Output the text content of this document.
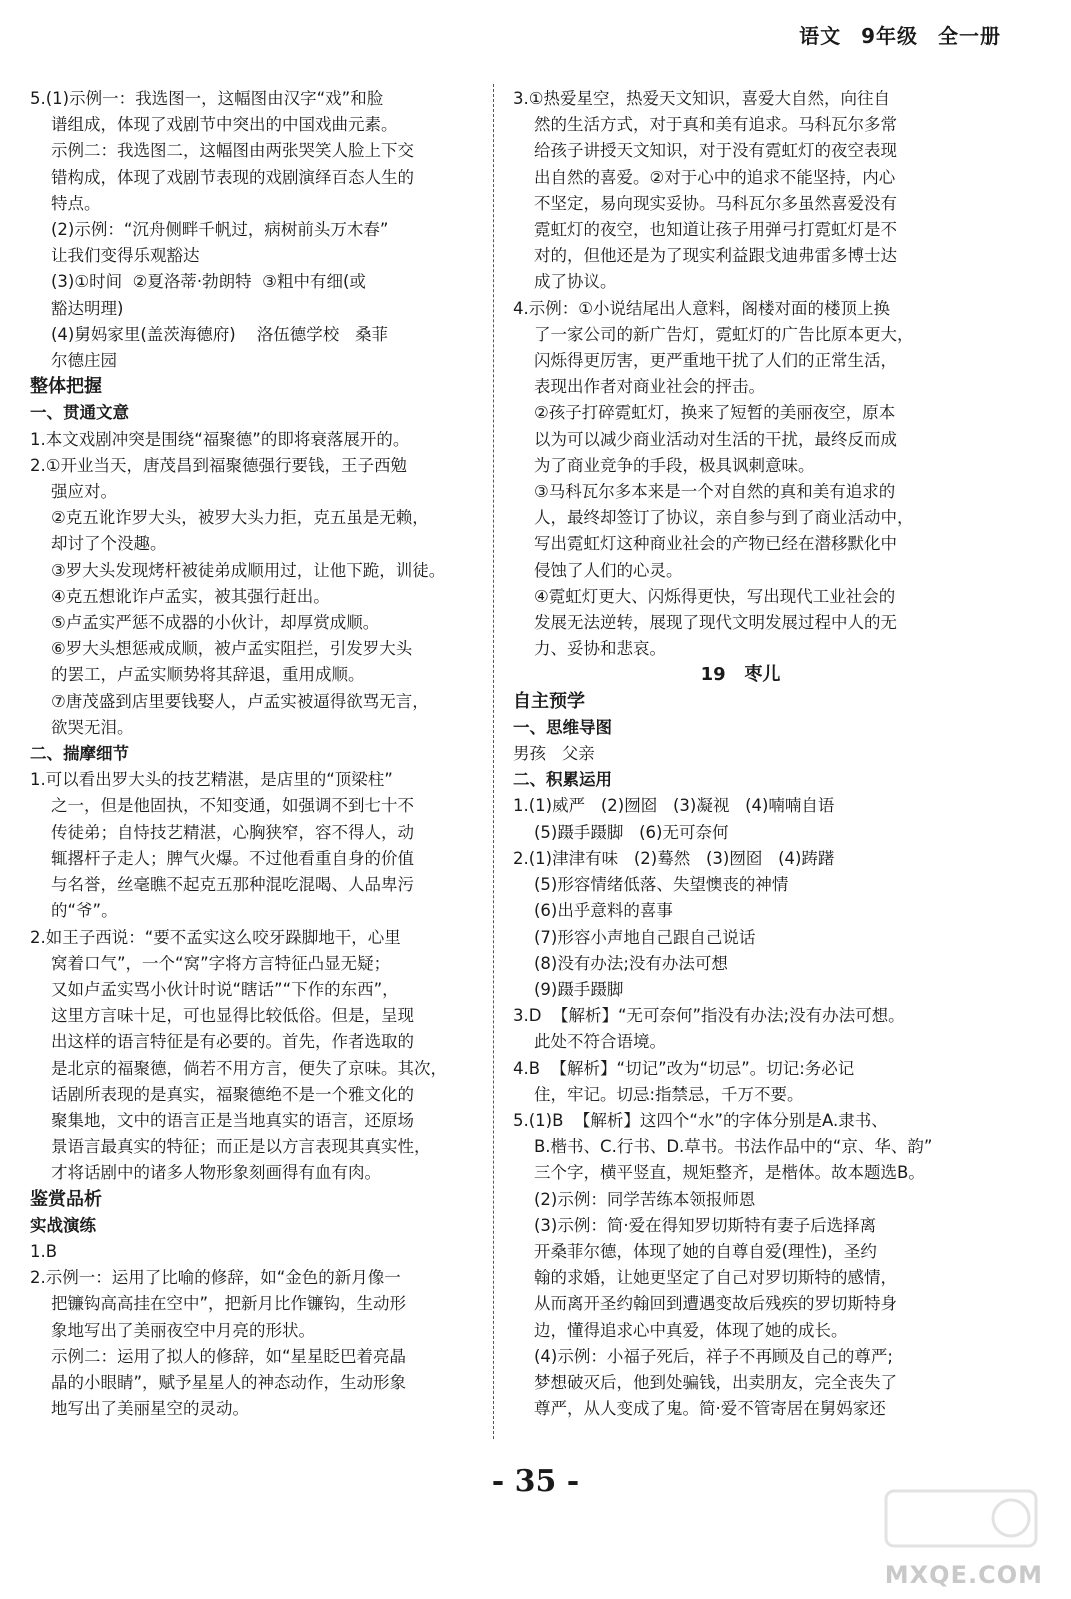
语文 9年级 全一册
5.(1)示例一：我选图一，这幅图由汉字“戏”和脸
谱组成，体现了戏剧节中突出的中国戏曲元素。
示例二：我选图二，这幅图由两张哭笑人脸上下交
错构成，体现了戏剧节表现的戏剧演绎百态人生的
特点。
(2)示例：“沉舟侧畔千帆过，病树前头万木春”
让我们变得乐观豁达
(3)①时间  ②夏洛蒂·勃朗特  ③粗中有细(或
豁达明理)
(4)舅妈家里(盖茨海德府)    洛伍德学校   桑菲
尔德庄园
整体把握
一、贯通文意
1.本文戏剧冲突是围绕“福聚德”的即将衰落展开的。
2.①开业当天，唐茂昌到福聚德强行要钱，王子西勉
强应对。
②克五讹诈罗大头，被罗大头力拒，克五虽是无赖，
却讨了个没趣。
③罗大头发现烤杆被徒弟成顺用过，让他下跪，训徒。
④克五想讹诈卢孟实，被其强行赶出。
⑤卢孟实严惩不成器的小伙计，却厚赏成顺。
⑥罗大头想惩戒成顺，被卢孟实阻拦，引发罗大头
的罢工，卢孟实顺势将其辞退，重用成顺。
⑦唐茂盛到店里要钱娶人，卢孟实被逼得欲骂无言，
欲哭无泪。
二、揣摩细节
1.可以看出罗大头的技艺精湛，是店里的“顶梁柱”
之一，但是他固执，不知变通，如强调不到七十不
传徒弟；自恃技艺精湛，心胸狭窄，容不得人，动
辄撂杆子走人；脾气火爆。不过他看重自身的价值
与名誉，丝毫瞧不起克五那种混吃混喝、人品卑污
的“爷”。
2.如王子西说：“要不孟实这么咬牙跺脚地干，心里
窝着口气”，一个“窝”字将方言特征凸显无疑；
又如卢孟实骂小伙计时说“瞎话”“下作的东西”，
这里方言味十足，可也显得比较低俗。但是，呈现
出这样的语言特征是有必要的。首先，作者选取的
是北京的福聚德，倘若不用方言，便失了京味。其次，
话剧所表现的是真实，福聚德绝不是一个雅文化的
聚集地，文中的语言正是当地真实的语言，还原场
景语言最真实的特征；而正是以方言表现其真实性，
才将话剧中的诸多人物形象刻画得有血有肉。
鉴赏品析
实战演练
1.B
2.示例一：运用了比喻的修辞，如“金色的新月像一
把镰钩高高挂在空中”，把新月比作镰钩，生动形
象地写出了美丽夜空中月亮的形状。
示例二：运用了拟人的修辞，如“星星眨巴着亮晶
晶的小眼睛”，赋予星星人的神态动作，生动形象
地写出了美丽星空的灵动。
3.①热爱星空，热爱天文知识，喜爱大自然，向往自
然的生活方式，对于真和美有追求。马科瓦尔多常
给孩子讲授天文知识，对于没有霓虹灯的夜空表现
出自然的喜爱。②对于心中的追求不能坚持，内心
不坚定，易向现实妥协。马科瓦尔多虽然喜爱没有
霓虹灯的夜空，也知道让孩子用弹弓打霓虹灯是不
对的，但他还是为了现实利益跟戈迪弗雷多博士达
成了协议。
4.示例：①小说结尾出人意料，阁楼对面的楼顶上换
了一家公司的新广告灯，霓虹灯的广告比原本更大，
闪烁得更厉害，更严重地干扰了人们的正常生活，
表现出作者对商业社会的抨击。
②孩子打碎霓虹灯，换来了短暂的美丽夜空，原本
以为可以减少商业活动对生活的干扰，最终反而成
为了商业竞争的手段，极具讽刺意味。
③马科瓦尔多本来是一个对自然的真和美有追求的
人，最终却签订了协议，亲自参与到了商业活动中，
写出霓虹灯这种商业社会的产物已经在潜移默化中
侵蚀了人们的心灵。
④霓虹灯更大、闪烁得更快，写出现代工业社会的
发展无法逆转，展现了现代文明发展过程中人的无
力、妥协和悲哀。
19   枣儿
自主预学
一、思维导图
男孩   父亲
二、积累运用
1.(1)威严   (2)囫囵   (3)凝视   (4)喃喃自语
(5)蹑手蹑脚   (6)无可奈何
2.(1)津津有味   (2)蓦然   (3)囫囵   (4)踌躇
(5)形容情绪低落、失望懊丧的神情
(6)出乎意料的喜事
(7)形容小声地自己跟自己说话
(8)没有办法;没有办法可想
(9)蹑手蹑脚
3.D  【解析】“无可奈何”指没有办法;没有办法可想。
此处不符合语境。
4.B  【解析】“切记”改为“切忌”。切记:务必记
住，牢记。切忌:指禁忌，千万不要。
5.(1)B  【解析】这四个“水”的字体分别是A.隶书、
B.楷书、C.行书、D.草书。书法作品中的“京、华、韵”
三个字，横平竖直，规矩整齐，是楷体。故本题选B。
(2)示例：同学苦练本领报师恩
(3)示例：简·爱在得知罗切斯特有妻子后选择离
开桑菲尔德，体现了她的自尊自爱(理性)，圣约
翰的求婚，让她更坚定了自己对罗切斯特的感情，
从而离开圣约翰回到遭遇变故后残疾的罗切斯特身
边，懂得追求心中真爱，体现了她的成长。
(4)示例：小福子死后，祥子不再顾及自己的尊严;
梦想破灭后，他到处骗钱，出卖朋友，完全丧失了
尊严，从人变成了鬼。简·爱不管寄居在舅妈家还
- 35 -
MXQE.COM
